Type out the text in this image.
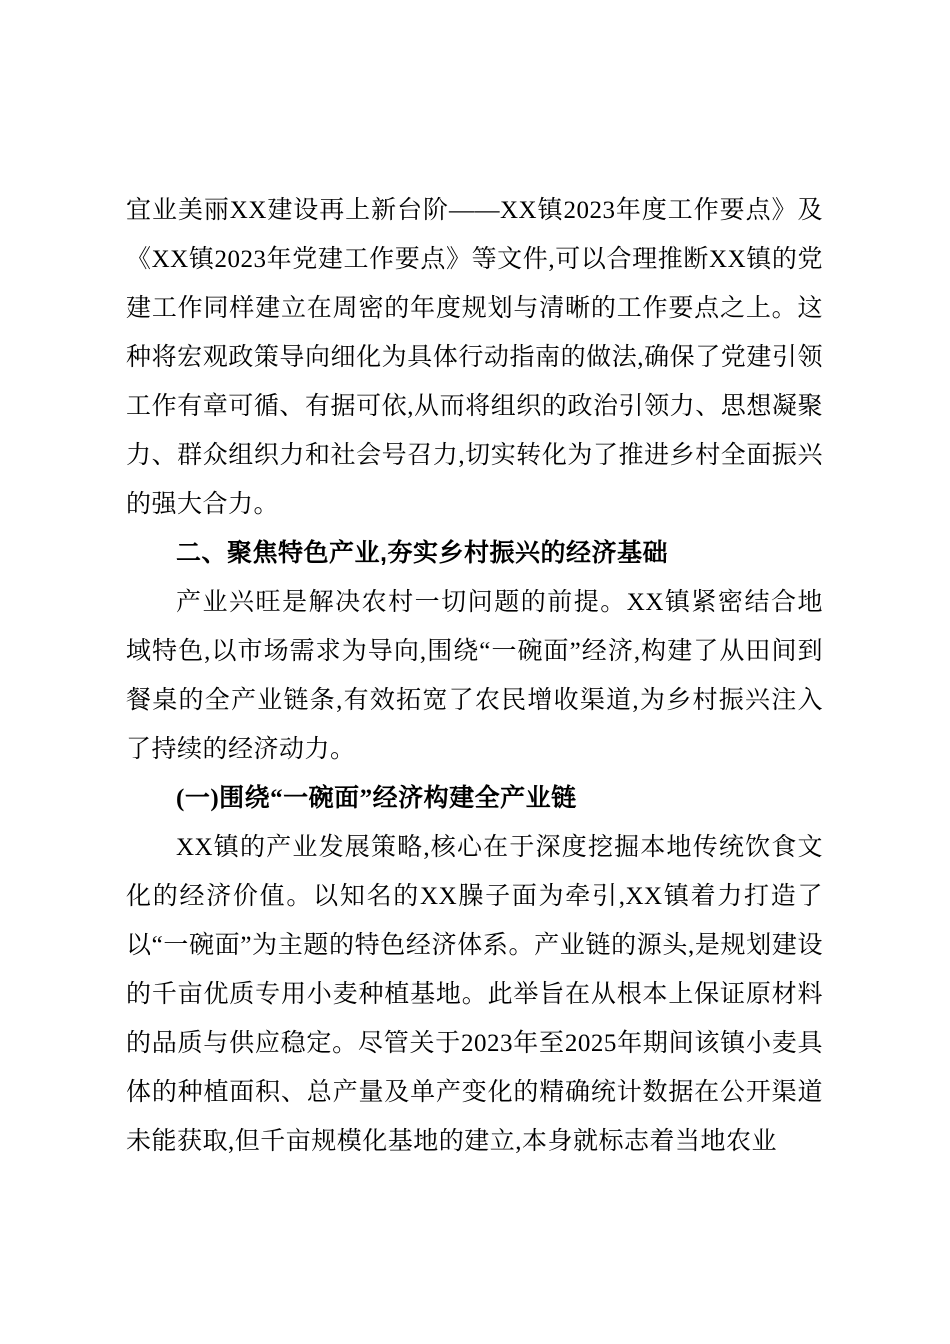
宜业美丽XX建设再上新台阶——XX镇2023年度工作要点》及《XX镇2023年党建工作要点》等文件,可以合理推断XX镇的党建工作同样建立在周密的年度规划与清晰的工作要点之上。这种将宏观政策导向细化为具体行动指南的做法,确保了党建引领工作有章可循、有据可依,从而将组织的政治引领力、思想凝聚力、群众组织力和社会号召力,切实转化为了推进乡村全面振兴的强大合力。

二、聚焦特色产业,夯实乡村振兴的经济基础

产业兴旺是解决农村一切问题的前提。XX镇紧密结合地域特色,以市场需求为导向,围绕“一碗面”经济,构建了从田间到餐桌的全产业链条,有效拓宽了农民增收渠道,为乡村振兴注入了持续的经济动力。

(一)围绕“一碗面”经济构建全产业链

XX镇的产业发展策略,核心在于深度挖掘本地传统饮食文化的经济价值。以知名的XX臊子面为牵引,XX镇着力打造了以“一碗面”为主题的特色经济体系。产业链的源头,是规划建设的千亩优质专用小麦种植基地。此举旨在从根本上保证原材料的品质与供应稳定。尽管关于2023年至2025年期间该镇小麦具体的种植面积、总产量及单产变化的精确统计数据在公开渠道未能获取,但千亩规模化基地的建立,本身就标志着当地农业
